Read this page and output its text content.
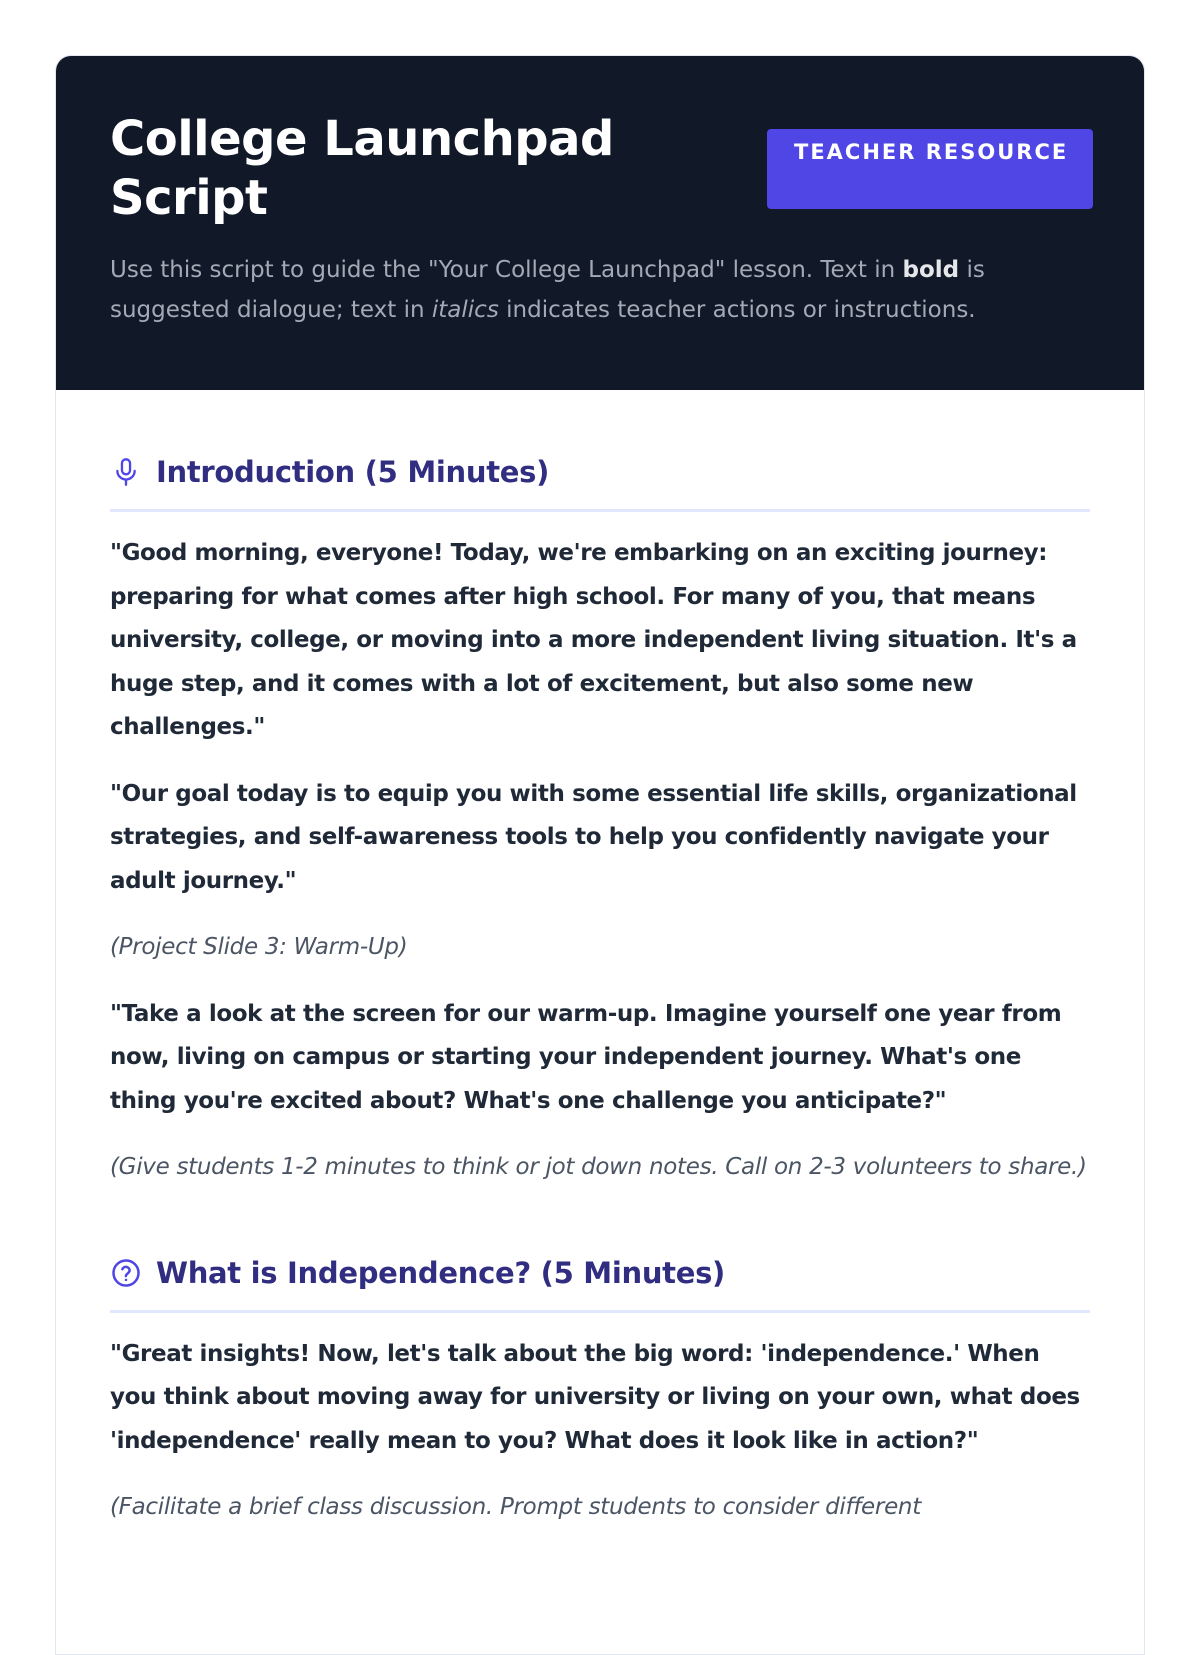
College Launchpad Script
TEACHER RESOURCE

Use this script to guide the "Your College Launchpad" lesson. Text in bold is suggested dialogue; text in italics indicates teacher actions or instructions.

Introduction (5 Minutes)

"Good morning, everyone! Today, we're embarking on an exciting journey: preparing for what comes after high school. For many of you, that means university, college, or moving into a more independent living situation. It's a huge step, and it comes with a lot of excitement, but also some new challenges."

"Our goal today is to equip you with some essential life skills, organizational strategies, and self-awareness tools to help you confidently navigate your adult journey."

(Project Slide 3: Warm-Up)

"Take a look at the screen for our warm-up. Imagine yourself one year from now, living on campus or starting your independent journey. What's one thing you're excited about? What's one challenge you anticipate?"

(Give students 1-2 minutes to think or jot down notes. Call on 2-3 volunteers to share.)

What is Independence? (5 Minutes)

"Great insights! Now, let's talk about the big word: 'independence.' When you think about moving away for university or living on your own, what does 'independence' really mean to you? What does it look like in action?"

(Facilitate a brief class discussion. Prompt students to consider different
